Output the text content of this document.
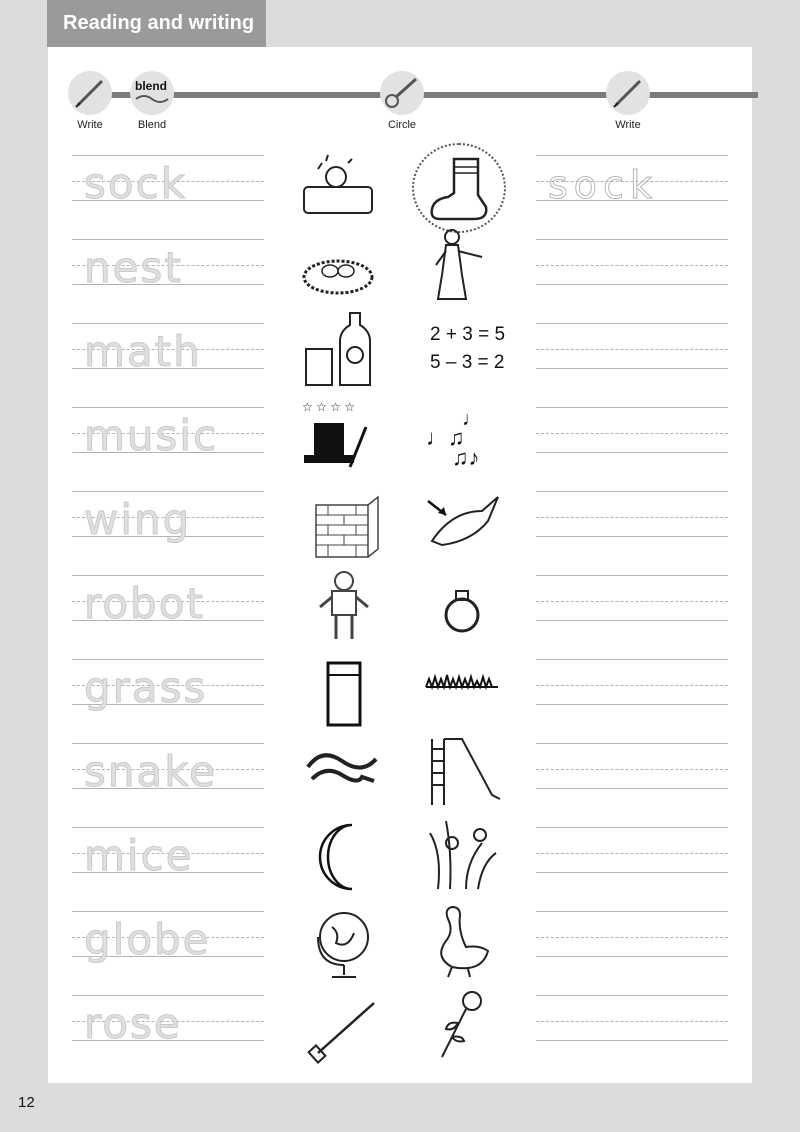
Reading and writing
Write
blend
Blend	Circle	Write
sock	sock
nest
math	2 + 3 = 5
5 – 3 = 2
music
☆ ☆ ☆ ☆
♩♫
♩
♫♪
wing
robot
grass
snake
mice
globe
rose
12
